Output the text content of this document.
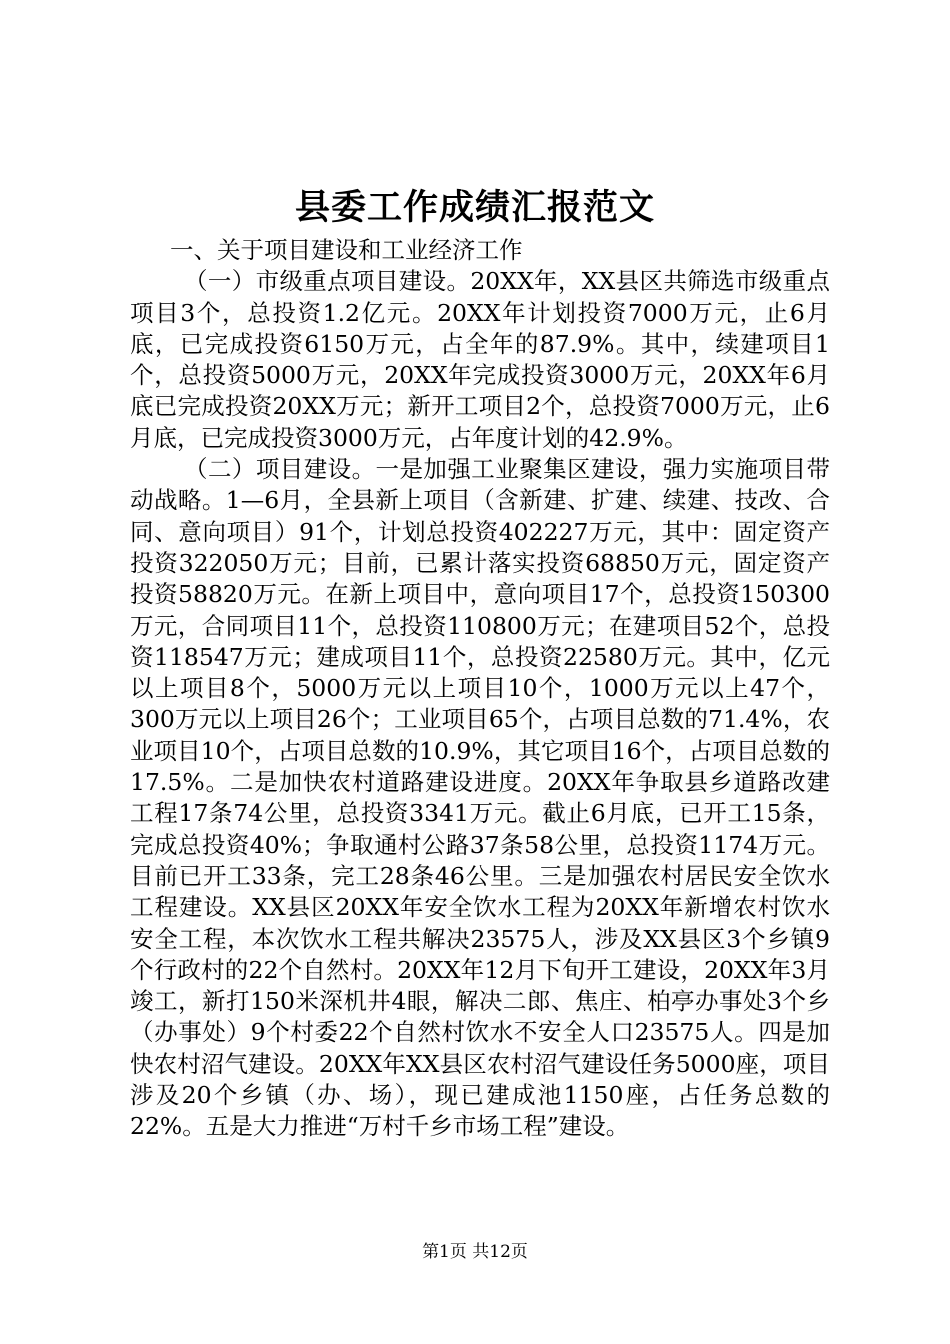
县委工作成绩汇报范文

一、关于项目建设和工业经济工作

（一）市级重点项目建设。20XX年，XX县区共筛选市级重点项目3个，总投资1.2亿元。20XX年计划投资7000万元，止6月底，已完成投资6150万元，占全年的87.9%。其中，续建项目1个，总投资5000万元，20XX年完成投资3000万元，20XX年6月底已完成投资20XX万元；新开工项目2个，总投资7000万元，止6月底，已完成投资3000万元，占年度计划的42.9%。

（二）项目建设。一是加强工业聚集区建设，强力实施项目带动战略。1—6月，全县新上项目（含新建、扩建、续建、技改、合同、意向项目）91个，计划总投资402227万元，其中：固定资产投资322050万元；目前，已累计落实投资68850万元，固定资产投资58820万元。在新上项目中，意向项目17个，总投资150300万元，合同项目11个，总投资110800万元；在建项目52个，总投资118547万元；建成项目11个，总投资22580万元。其中，亿元以上项目8个，5000万元以上项目10个，1000万元以上47个，300万元以上项目26个；工业项目65个，占项目总数的71.4%，农业项目10个，占项目总数的10.9%，其它项目16个，占项目总数的17.5%。二是加快农村道路建设进度。20XX年争取县乡道路改建工程17条74公里，总投资3341万元。截止6月底，已开工15条，完成总投资40%；争取通村公路37条58公里，总投资1174万元。目前已开工33条，完工28条46公里。三是加强农村居民安全饮水工程建设。XX县区20XX年安全饮水工程为20XX年新增农村饮水安全工程，本次饮水工程共解决23575人，涉及XX县区3个乡镇9个行政村的22个自然村。20XX年12月下旬开工建设，20XX年3月竣工，新打150米深机井4眼，解决二郎、焦庄、柏亭办事处3个乡（办事处）9个村委22个自然村饮水不安全人口23575人。四是加快农村沼气建设。20XX年XX县区农村沼气建设任务5000座，项目涉及20个乡镇（办、场），现已建成池1150座，占任务总数的22%。五是大力推进“万村千乡市场工程”建设。

第1页 共12页
